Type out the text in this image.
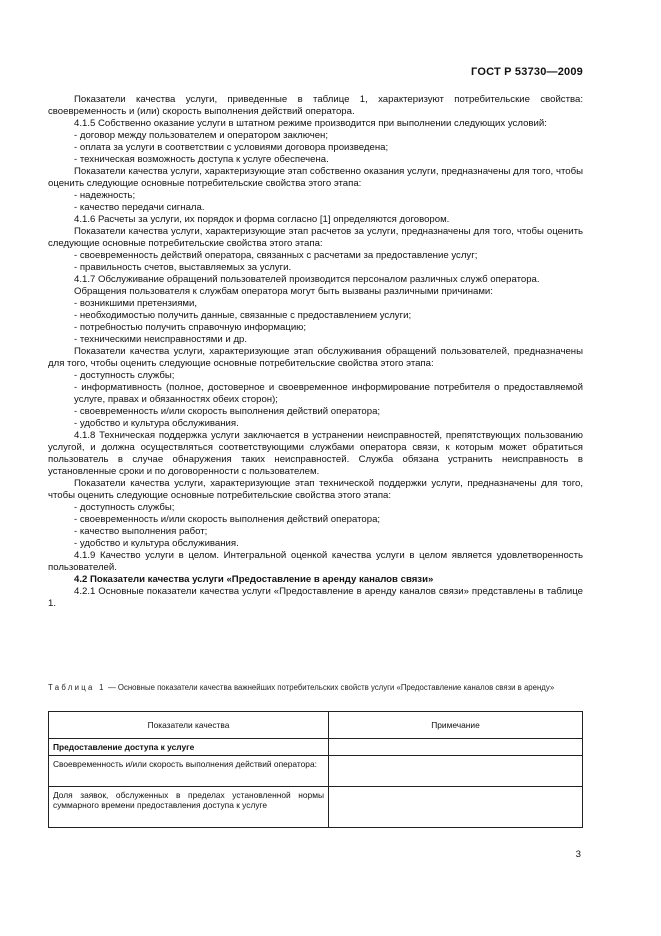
ГОСТ Р 53730—2009

Показатели качества услуги, приведенные в таблице 1, характеризуют потребительские свойства: своевременность и (или) скорость выполнения действий оператора.

4.1.5 Собственно оказание услуги в штатном режиме производится при выполнении следующих условий:

- договор между пользователем и оператором заключен;

- оплата за услуги в соответствии с условиями договора произведена;

- техническая возможность доступа к услуге обеспечена.

Показатели качества услуги, характеризующие этап собственно оказания услуги, предназначены для того, чтобы оценить следующие основные потребительские свойства этого этапа:

- надежность;

- качество передачи сигнала.

4.1.6 Расчеты за услуги, их порядок и форма согласно [1] определяются договором.

Показатели качества услуги, характеризующие этап расчетов за услуги, предназначены для того, чтобы оценить следующие основные потребительские свойства этого этапа:

- своевременность действий оператора, связанных с расчетами за предоставление услуг;

- правильность счетов, выставляемых за услуги.

4.1.7 Обслуживание обращений пользователей производится персоналом различных служб оператора.

Обращения пользователя к службам оператора могут быть вызваны различными причинами:

- возникшими претензиями,

- необходимостью получить данные, связанные с предоставлением услуги;

- потребностью получить справочную информацию;

- техническими неисправностями и др.

Показатели качества услуги, характеризующие этап обслуживания обращений пользователей, предназначены для того, чтобы оценить следующие основные потребительские свойства этого этапа:

- доступность службы;

- информативность (полное, достоверное и своевременное информирование потребителя о предоставляемой услуге, правах и обязанностях обеих сторон);

- своевременность и/или скорость выполнения действий оператора;

- удобство и культура обслуживания.

4.1.8 Техническая поддержка услуги заключается в устранении неисправностей, препятствующих пользованию услугой, и должна осуществляться соответствующими службами оператора связи, к которым может обратиться пользователь в случае обнаружения таких неисправностей. Служба обязана устранить неисправность в установленные сроки и по договоренности с пользователем.

Показатели качества услуги, характеризующие этап технической поддержки услуги, предназначены для того, чтобы оценить следующие основные потребительские свойства этого этапа:

- доступность службы;

- своевременность и/или скорость выполнения действий оператора;

- качество выполнения работ;

- удобство и культура обслуживания.

4.1.9 Качество услуги в целом. Интегральной оценкой качества услуги в целом является удовлетворенность пользователей.

4.2 Показатели качества услуги «Предоставление в аренду каналов связи»

4.2.1 Основные показатели качества услуги «Предоставление в аренду каналов связи» представлены в таблице 1.

Таблица 1 — Основные показатели качества важнейших потребительских свойств услуги «Предоставление каналов связи в аренду»
Показатели качества	Примечание
Предоставление доступа к услуге	
Своевременность и/или скорость выполнения действий оператора:	
Доля заявок, обслуженных в пределах установленной нормы суммарного времени предоставления доступа к услуге	
3
